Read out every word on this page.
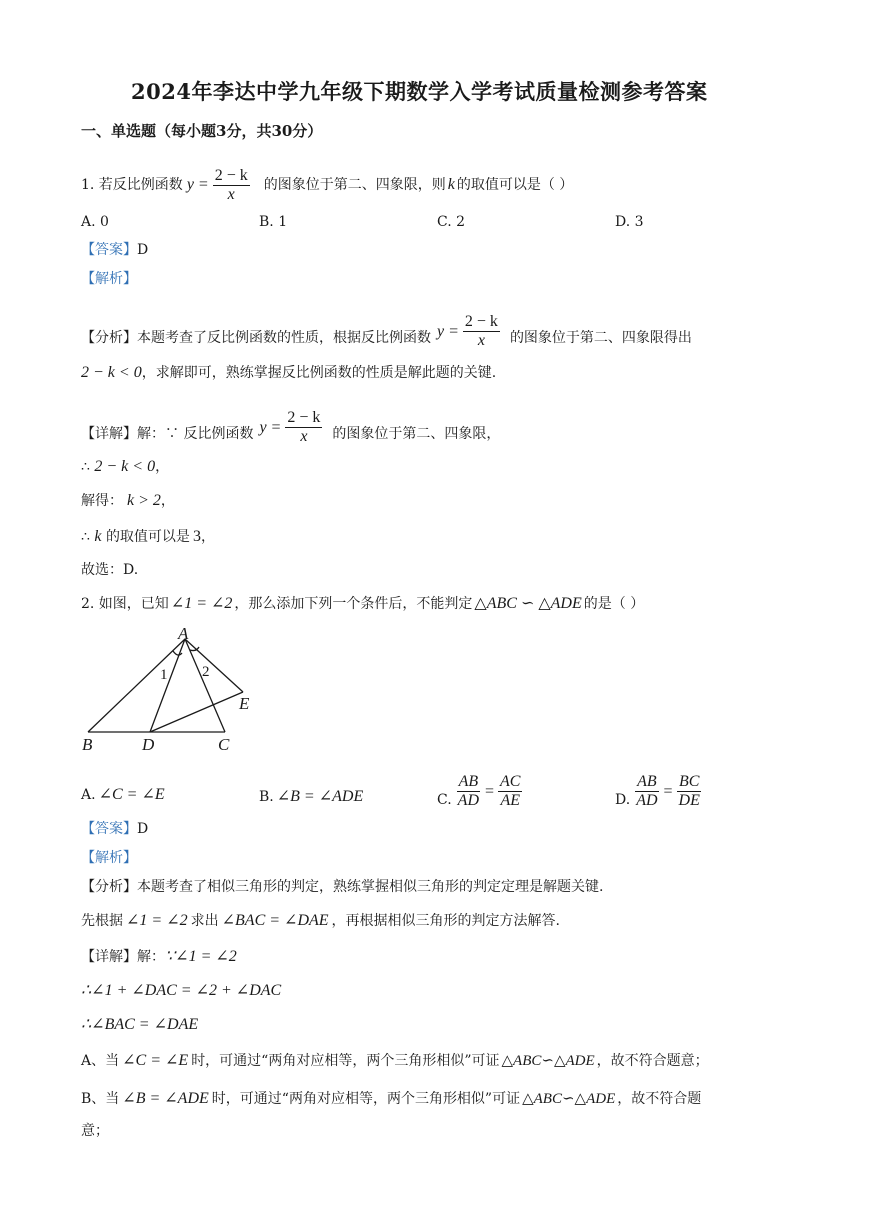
2024年李达中学九年级下期数学入学考试质量检测参考答案
一、单选题（每小题3分，共30分）
1. 若反比例函数 $y = \frac{2 - k}{x}$ 的图象位于第二、四象限，则 k 的取值可以是（ ）
A. 0	B. 1	C. 2	D. 3
【答案】D
【解析】
【分析】本题考查了反比例函数的性质，根据反比例函数 $y = \frac{2 - k}{x}$ 的图象位于第二、四象限得出
2 − k < 0，求解即可，熟练掌握反比例函数的性质是解此题的关键.
【详解】解：∵ 反比例函数 $y = \frac{2 - k}{x}$ 的图象位于第二、四象限，
∴ 2 − k < 0，
解得： k > 2，
∴ k 的取值可以是 3，
故选：D.
2. 如图，已知 ∠1 = ∠2 ，那么添加下列一个条件后，不能判定 △ABC ∽ △ADE 的是（ ）
A
B	C
D
E
1 2
A. ∠C = ∠E	B. ∠B = ∠ADE	C. $\frac{AB}{AD} = \frac{AC}{AE}$	D. $\frac{AB}{AD} = \frac{BC}{DE}$
【答案】D
【解析】
【分析】本题考查了相似三角形的判定，熟练掌握相似三角形的判定定理是解题关键.
先根据 ∠1 = ∠2 求出 ∠BAC = ∠DAE ，再根据相似三角形的判定方法解答.
【详解】解：∵∠1 = ∠2
∴∠1 + ∠DAC = ∠2 + ∠DAC
∴∠BAC = ∠DAE
A、当 ∠C = ∠E 时，可通过“两角对应相等，两个三角形相似”可证 △ABC∽△ADE ，故不符合题意；
B、当 ∠B = ∠ADE 时，可通过“两角对应相等，两个三角形相似”可证 △ABC∽△ADE ，故不符合题
意；
